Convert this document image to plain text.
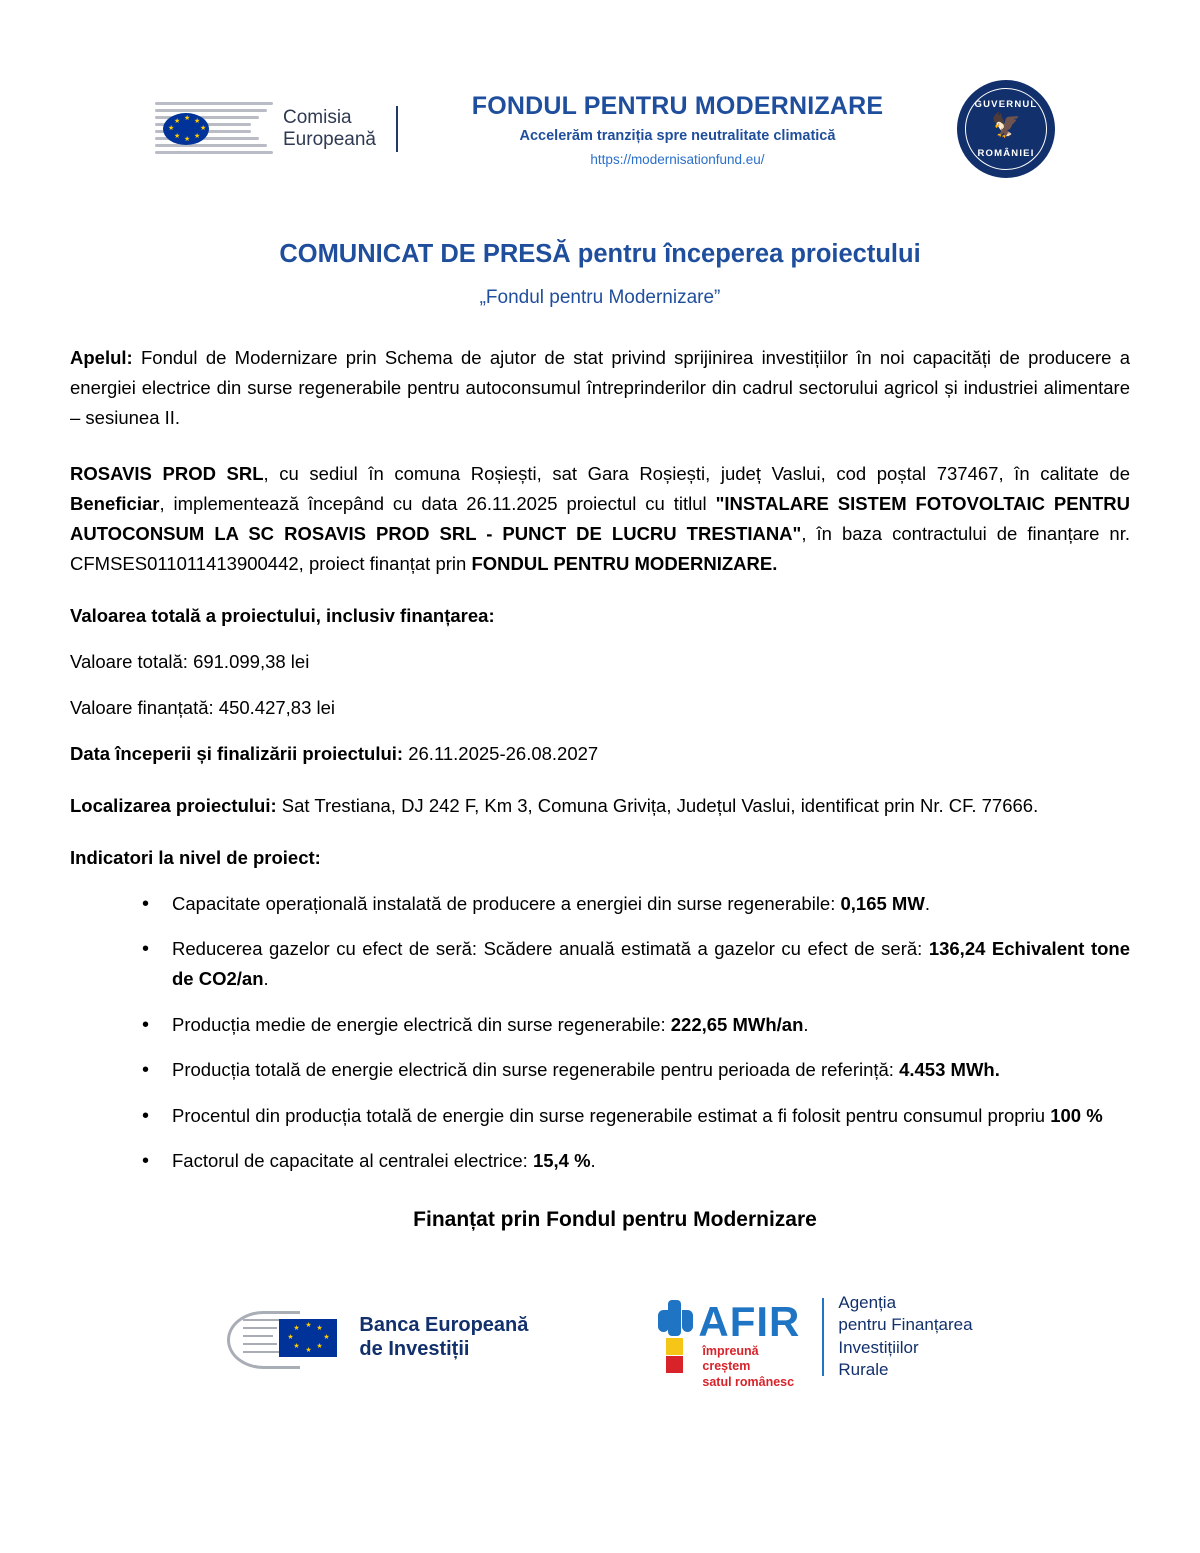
★ ★
★
★
★
★
★
★	Comisia
Europeană
FONDUL PENTRU MODERNIZARE
Accelerăm tranziția spre neutralitate climatică
https://modernisationfund.eu/
GUVERNUL
🦅
ROMÂNIEI
COMUNICAT DE PRESĂ pentru începerea proiectului
„Fondul pentru Modernizare”

Apelul: Fondul de Modernizare prin Schema de ajutor de stat privind sprijinirea investițiilor în noi capacități de producere a energiei electrice din surse regenerabile pentru autoconsumul întreprinderilor din cadrul sectorului agricol și industriei alimentare – sesiunea II.

ROSAVIS PROD SRL, cu sediul în comuna Roșiești, sat Gara Roșiești, județ Vaslui, cod poștal 737467, în calitate de Beneficiar, implementează începând cu data 26.11.2025 proiectul cu titlul "INSTALARE SISTEM FOTOVOLTAIC PENTRU AUTOCONSUM LA SC ROSAVIS PROD SRL - PUNCT DE LUCRU TRESTIANA", în baza contractului de finanțare nr. CFMSES011011413900442, proiect finanțat prin FONDUL PENTRU MODERNIZARE.

Valoarea totală a proiectului, inclusiv finanțarea:

Valoare totală: 691.099,38 lei

Valoare finanțată: 450.427,83 lei

Data începerii și finalizării proiectului: 26.11.2025-26.08.2027

Localizarea proiectului: Sat Trestiana, DJ 242 F, Km 3, Comuna Grivița, Județul Vaslui, identificat prin Nr. CF. 77666.

Indicatori la nivel de proiect:

• Capacitate operațională instalată de producere a energiei din surse regenerabile: 0,165 MW.
• Reducerea gazelor cu efect de seră: Scădere anuală estimată a gazelor cu efect de seră: 136,24 Echivalent tone de CO2/an.
• Producția medie de energie electrică din surse regenerabile: 222,65 MWh/an.
• Producția totală de energie electrică din surse regenerabile pentru perioada de referință: 4.453 MWh.
• Procentul din producția totală de energie din surse regenerabile estimat a fi folosit pentru consumul propriu 100 %
• Factorul de capacitate al centralei electrice: 15,4 %.
Finanțat prin Fondul pentru Modernizare
★ ★
★
★
★
★
★
★	Banca Europeană
de Investiții
AFIR
împreună creștem
satul românesc
Agenția
pentru Finanțarea
Investițiilor
Rurale
